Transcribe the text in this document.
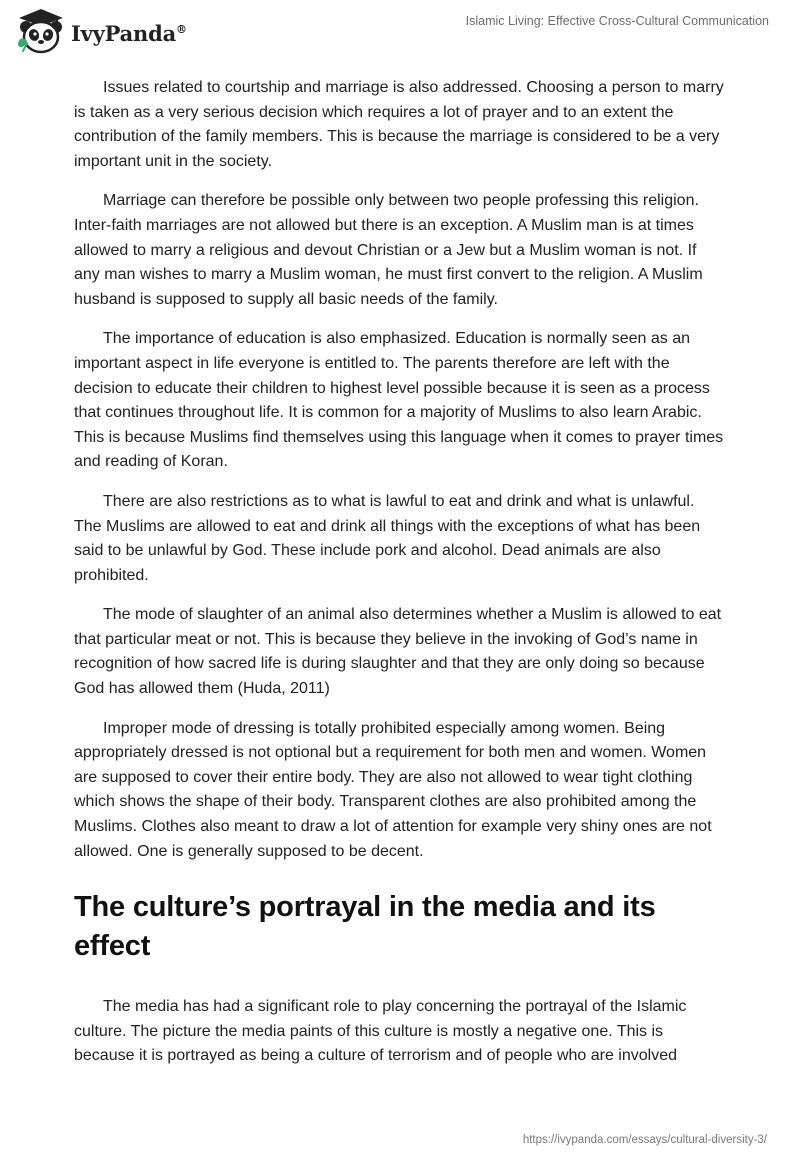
IvyPanda®
Islamic Living: Effective Cross-Cultural Communication

Issues related to courtship and marriage is also addressed. Choosing a person to marry is taken as a very serious decision which requires a lot of prayer and to an extent the contribution of the family members. This is because the marriage is considered to be a very important unit in the society.

Marriage can therefore be possible only between two people professing this religion. Inter-faith marriages are not allowed but there is an exception. A Muslim man is at times allowed to marry a religious and devout Christian or a Jew but a Muslim woman is not. If any man wishes to marry a Muslim woman, he must first convert to the religion. A Muslim husband is supposed to supply all basic needs of the family.

The importance of education is also emphasized. Education is normally seen as an important aspect in life everyone is entitled to. The parents therefore are left with the decision to educate their children to highest level possible because it is seen as a process that continues throughout life. It is common for a majority of Muslims to also learn Arabic. This is because Muslims find themselves using this language when it comes to prayer times and reading of Koran.

There are also restrictions as to what is lawful to eat and drink and what is unlawful. The Muslims are allowed to eat and drink all things with the exceptions of what has been said to be unlawful by God. These include pork and alcohol. Dead animals are also prohibited.

The mode of slaughter of an animal also determines whether a Muslim is allowed to eat that particular meat or not. This is because they believe in the invoking of God’s name in recognition of how sacred life is during slaughter and that they are only doing so because God has allowed them (Huda, 2011)

Improper mode of dressing is totally prohibited especially among women. Being appropriately dressed is not optional but a requirement for both men and women. Women are supposed to cover their entire body. They are also not allowed to wear tight clothing which shows the shape of their body. Transparent clothes are also prohibited among the Muslims. Clothes also meant to draw a lot of attention for example very shiny ones are not allowed. One is generally supposed to be decent.

The culture’s portrayal in the media and its effect

The media has had a significant role to play concerning the portrayal of the Islamic culture. The picture the media paints of this culture is mostly a negative one. This is because it is portrayed as being a culture of terrorism and of people who are involved

https://ivypanda.com/essays/cultural-diversity-3/
